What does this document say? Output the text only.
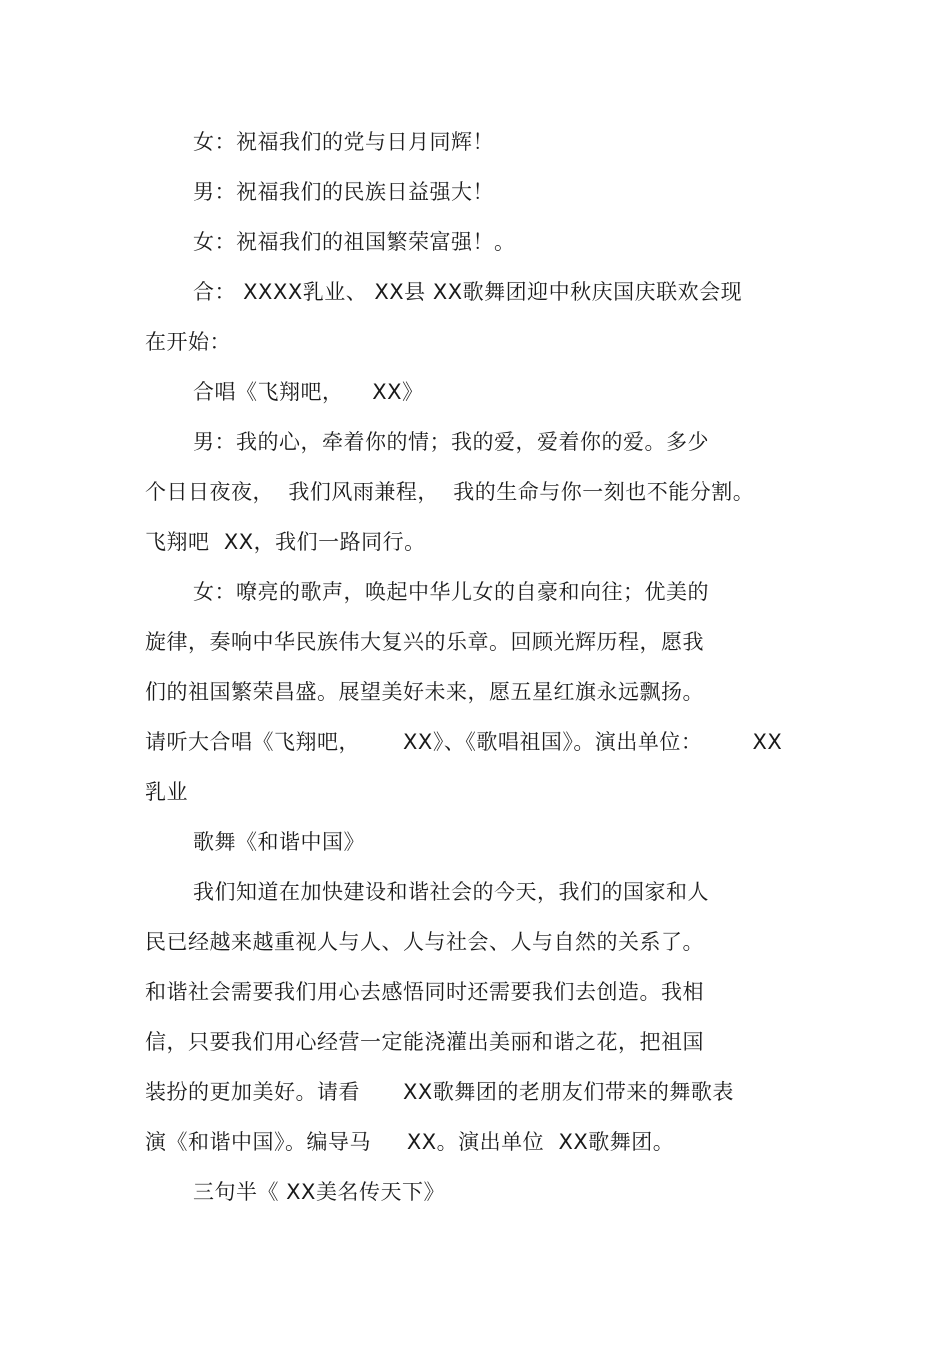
女：祝福我们的党与日月同辉！
男：祝福我们的民族日益强大！
女：祝福我们的祖国繁荣富强！。
合： XXXX乳业、 XX县 XX歌舞团迎中秋庆国庆联欢会现
在开始：
合唱《飞翔吧，    XX》
男：我的心，牵着你的情；我的爱，爱着你的爱。多少
个日日夜夜，  我们风雨兼程，  我的生命与你一刻也不能分割。
飞翔吧  XX，我们一路同行。
女：嘹亮的歌声，唤起中华儿女的自豪和向往；优美的
旋律，奏响中华民族伟大复兴的乐章。回顾光辉历程，愿我
们的祖国繁荣昌盛。展望美好未来，愿五星红旗永远飘扬。
请听大合唱《飞翔吧，      XX》、《歌唱祖国》。演出单位：       XX
乳业
歌舞《和谐中国》
我们知道在加快建设和谐社会的今天，我们的国家和人
民已经越来越重视人与人、人与社会、人与自然的关系了。
和谐社会需要我们用心去感悟同时还需要我们去创造。我相
信，只要我们用心经营一定能浇灌出美丽和谐之花，把祖国
装扮的更加美好。请看      XX歌舞团的老朋友们带来的舞歌表
演《和谐中国》。编导马     XX。演出单位  XX歌舞团。
三句半《 XX美名传天下》
